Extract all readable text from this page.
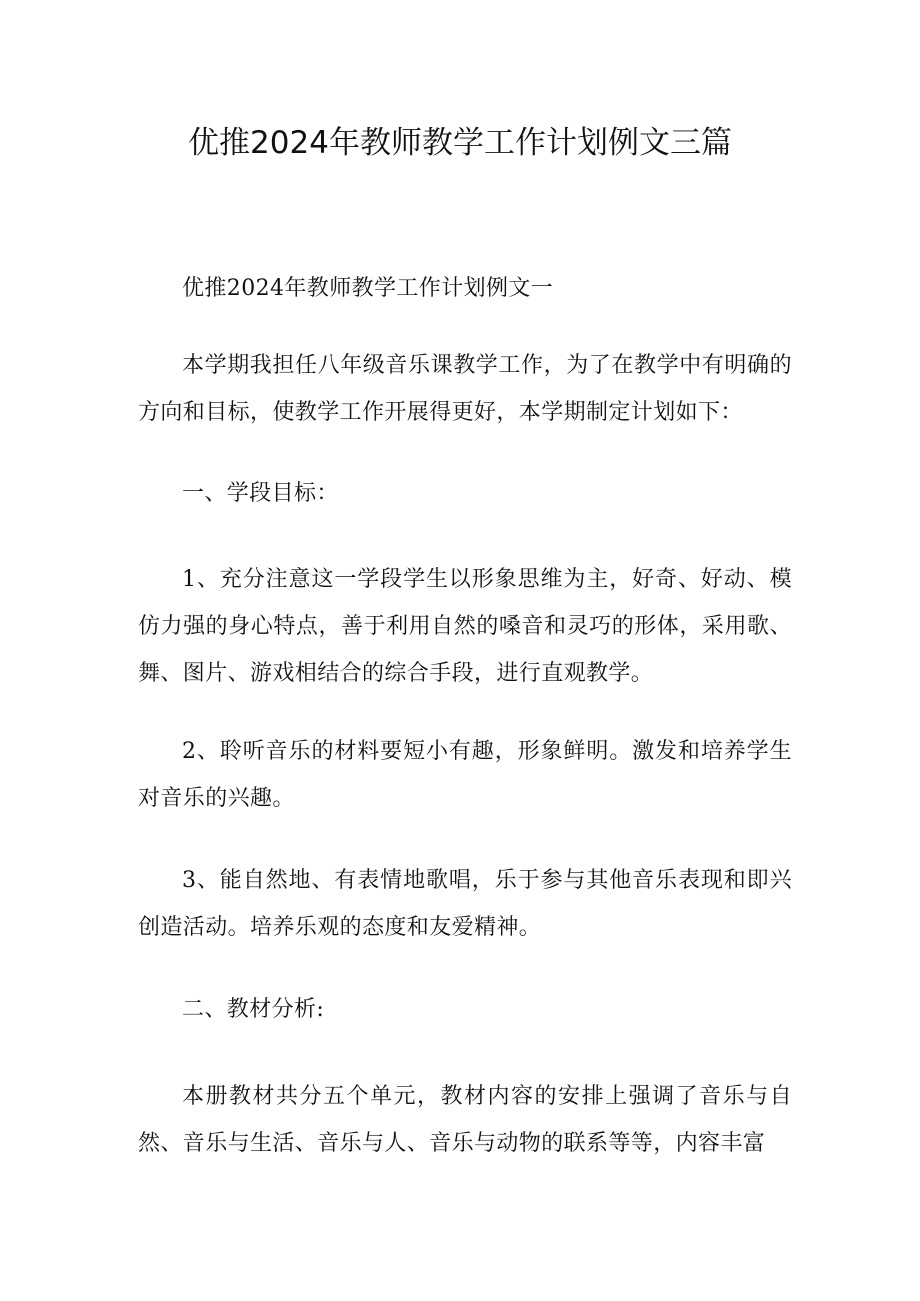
优推2024年教师教学工作计划例文三篇

优推2024年教师教学工作计划例文一

本学期我担任八年级音乐课教学工作，为了在教学中有明确的方向和目标，使教学工作开展得更好，本学期制定计划如下：

一、学段目标：

1、充分注意这一学段学生以形象思维为主，好奇、好动、模仿力强的身心特点，善于利用自然的嗓音和灵巧的形体，采用歌、舞、图片、游戏相结合的综合手段，进行直观教学。

2、聆听音乐的材料要短小有趣，形象鲜明。激发和培养学生对音乐的兴趣。

3、能自然地、有表情地歌唱，乐于参与其他音乐表现和即兴创造活动。培养乐观的态度和友爱精神。

二、教材分析:

本册教材共分五个单元，教材内容的安排上强调了音乐与自然、音乐与生活、音乐与人、音乐与动物的联系等等，内容丰富
